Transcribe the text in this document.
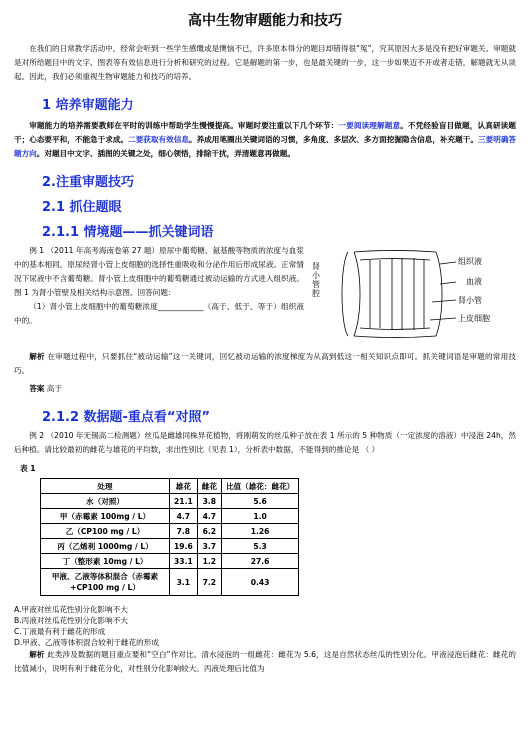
高中生物审题能力和技巧

在我们的日常教学活动中，经常会听到一些学生感慨或是懊恼不已，许多原本得分的题目却错得很“冤”，究其原因大多是没有把好审题关。审题就是对所给题目中的文字、图表等有效信息进行分析和研究的过程。它是解题的第一步，也是最关键的一步，这一步如果迈不开或者走错，解题就无从谈起。因此，我们必须重视生物审题能力和技巧的培养。

1 培养审题能力

审题能力的培养需要教师在平时的训练中帮助学生慢慢提高。审题时要注重以下几个环节：一要阅读理解题意。不凭经验盲目做题，认真研读题干；心态要平和，不能急于求成。二要获取有效信息。养成用笔圈出关键词语的习惯，多角度、多层次、多方面挖掘隐含信息，补充题干。三要明确答题方向。对题目中文字、插图的关键之处，细心领悟，排除干扰，弄清题意再做题。

2.注重审题技巧
2.1 抓住题眼
2.1.1 情境题——抓关键词语

例 1 （2011 年高考海南卷第 27 题）原尿中葡萄糖、氨基酸等物质的浓度与血浆中的基本相同。原尿经肾小管上皮细胞的选择性重吸收和分泌作用后形成尿液。正常情况下尿液中不含葡萄糖。肾小管上皮细胞中的葡萄糖通过被动运输的方式进入组织液。图 1 为肾小管壁及相关结构示意图。回答问题：

（1）肾小管上皮细胞中的葡萄糖浓度____________（高于、低于、等于）组织液中的。

组织液
血液
肾小管
上皮细胞
肾小管腔

解析 在审题过程中，只要抓住“被动运输”这一关键词，回忆被动运输的浓度梯度为从高到低这一相关知识点即可。抓关键词语是审题的常用技巧。

答案 高于

2.1.2 数据题-重点看“对照”

例 2 （2010 年无锡高二检测题）丝瓜是雌雄同株异花植物，将刚萌发的丝瓜种子放在表 1 所示的 5 种物质（一定浓度的溶液）中浸泡 24h，然后种植。请比较最初的雌花与雄花的平均数，求出性别比（见表 1），分析表中数据，不能得到的推论是 （ ）

表 1
处理	雄花	雌花	比值（雄花：雌花）
水（对照）	21.1	3.8	5.6
甲（赤霉素 100mg / L）	4.7	4.7	1.0
乙（CP100 mg / L）	7.8	6.2	1.26
丙（乙烯利 1000mg / L）	19.6	3.7	5.3
丁（整形素 10mg / L）	33.1	1.2	27.6
甲液、乙液等体积混合（赤霉素+CP100 mg / L）	3.1	7.2	0.43

A.甲液对丝瓜花性别分化影响不大

B.丙液对丝瓜花性别分化影响不大

C.丁液最有利于雌花的形成

D.甲液、乙液等体积混合较利于雌花的形成

解析 此类涉及数据的题目重点要和“空白”作对比。清水浸泡的一组雌花：雌花为 5.6，这是自然状态丝瓜的性别分化。甲液浸泡后雌花：雌花的比值减小，说明有利于雌花分化，对性别分化影响较大。丙液处理后比值为
